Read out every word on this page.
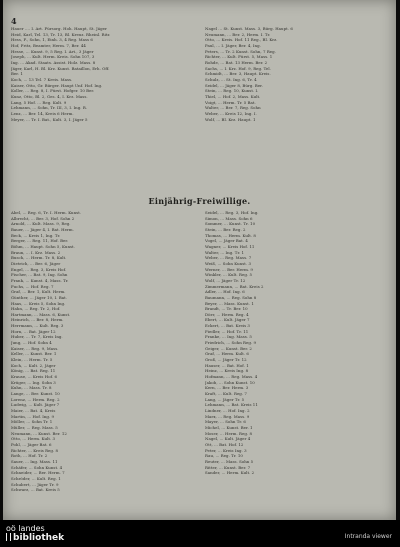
4
Hauer .... I. Art. Fürsorg. Hoh. Haupt, St. Jäger
Heid, Karl, Tel. 13, Tr. 13, Bl. Kreuz. Rheinl. Ritz
Hess, F., Sohn, 1, Einh. 3, 4 Reg. Mass 6
Hof, Fritz, Beamter, Herm. 7, Ber. 44
Hesse, ... Kunst. 9, 5 Reg. I. Art., 3 Jäger
Joseph, ... Kult. Herm. Kreis. Sohn 107, 3
Ing. ... Akad. Staats. Assist. Holz. Mass. 8
Jäger, Karl, H. Bl. Krz. Kunst. Bataillon, Erh. Off.
Ber. 1
Koch, ... 13 Tel. 7 Kreis. Mass.
Kaiser, Otto, Gr. Bürger. Haupt Unf. Hof. Ing.
Koller, ... Reg. 8, I. Fürst. Hofger. 10 Ber.
Kunz, Otto, Bl. 2, Ges. 4, I. Krz. Mass.
Lang, 5 Hof. ... Reg. Kult. 9
Lehmann, ... Sohn, Tr. III, 3, I. Ing. R.
Lenz, ... Ber. 14, Kreis 6 Herm.
Meyer, ... Tr. I. Bat., Kult. 3, I. Jäger 5
Nagel ... St. Kunst. Mass. 3, Bürg. Haupt. 6
Neumann, ... Ber. 2, Herm. I. Tr.
Otto, ... Kreis. Hof. 11 Reg., Bl. Krz.
Paul, ... I. Jäger, Ber. 4, Ing.
Peters, ... Tr. 2 Kunst. Sohn, 7 Reg.
Richter, ... Kult. Fürst. 5, Mass. 1
Rohde, ... Bat. 13 Herm. Ber. 2
Sachs, ... I. Krz. Hof. 9, Reg. Tel.
Schmidt, ... Ber. 3, Haupt. Kreis.
Schulz, ... St. Ing. 6, Tr. 4
Seidel, ... Jäger 8, Bürg. Ber.
Stein, ... Reg. 10, Kunst. I.
Thiel, ... Hof. 2, Mass. Kult.
Voigt, ... Herm. Tr. 5 Bat.
Walter, ... Ber. 7, Reg. Sohn
Weber, ... Kreis 12, Ing. I.
Wolf, ... Bl. Krz. Haupt. 1
Einjährig-Freiwillige.
Abel, ... Reg. 6, Tr. I. Herm. Kunst.
Albrecht, ... Ber. 3, Hof. Sohn 2
Arnold, ... Kult. Mass. 9, Reg.
Bauer, ... Jäger 4, I. Bat. Herm.
Beck, ... Kreis 1, Ing. Tr.
Berger, ... Reg. 11, Hof. Ber.
Böhm, ... Haupt. Sohn 5, Kunst.
Braun, ... I. Krz. Mass. 2
Busch, ... Herm. Tr. 8, Kult.
Dietrich, ... Ber. 6, Jäger
Engel, ... Reg. 3, Kreis Hof.
Fischer, ... Bat. 9, Ing. Sohn
Frank, ... Kunst. 4, Mass. Tr.
Fuchs, ... Hof. Reg. 7
Graf, ... Ber. 1, Kult. Herm.
Günther, ... Jäger 10, I. Bat.
Haas, ... Kreis 5, Sohn Ing.
Hahn, ... Reg. Tr. 2, Hof.
Hartmann, ... Mass. 6, Kunst.
Heinrich, ... Ber. 8, Herm.
Herrmann, ... Kult. Reg. 3
Horn, ... Bat. Jäger 12
Huber, ... Tr. 7, Kreis Ing.
Jung, ... Hof. Sohn 4
Kaiser, ... Reg. 9, Mass.
Keller, ... Kunst. Ber. 1
Klein, ... Herm. Tr. 5
Koch, ... Kult. 2, Jäger
König, ... Bat. Reg. 11
Krause, ... Kreis Hof. 6
Krüger, ... Ing. Sohn 3
Kuhn, ... Mass. Tr. 8
Lange, ... Ber. Kunst. 10
Lorenz, ... Herm. Reg. 2
Ludwig, ... Kult. Jäger 7
Maier, ... Bat. 4, Kreis
Martin, ... Hof. Ing. 9
Möller, ... Sohn Tr. 1
Müller, ... Reg. Mass. 5
Neumann, ... Kunst. Ber. 12
Otto, ... Herm. Kult. 3
Pohl, ... Jäger Bat. 6
Richter, ... Kreis Reg. 8
Roth, ... Hof. Tr. 2
Sauer, ... Ing. Mass. 11
Schäfer, ... Sohn Kunst. 4
Schneider, ... Ber. Herm. 7
Schröder, ... Kult. Reg. 1
Schubert, ... Jäger Tr. 9
Schwarz, ... Bat. Kreis 5
Seidel, ... Reg. 3, Hof. Ing.
Simon, ... Mass. Sohn 6
Sommer, ... Kunst. Tr. 10
Stein, ... Ber. Reg. 2
Thomas, ... Herm. Kult. 8
Vogel, ... Jäger Bat. 4
Wagner, ... Kreis Hof. 11
Walter, ... Ing. Tr. 1
Weber, ... Reg. Mass. 7
Weiß, ... Sohn Kunst. 3
Werner, ... Ber. Herm. 9
Winkler, ... Kult. Reg. 5
Wolf, ... Jäger Tr. 12
Zimmermann, ... Bat. Kreis 2
Adler, ... Hof. Ing. 6
Baumann, ... Reg. Sohn 8
Beyer, ... Mass. Kunst. 1
Brandt, ... Tr. Ber. 10
Dörr, ... Herm. Reg. 4
Ebert, ... Kult. Jäger 7
Eckert, ... Bat. Kreis 3
Fiedler, ... Hof. Tr. 11
Franke, ... Ing. Mass. 5
Friedrich, ... Sohn Reg. 9
Geiger, ... Kunst. Ber. 2
Graf, ... Herm. Kult. 6
Groß, ... Jäger Tr. 12
Hauser, ... Bat. Hof. 1
Heinz, ... Kreis Ing. 8
Hofmann, ... Reg. Mass. 4
Jakob, ... Sohn Kunst. 10
Kern, ... Ber. Herm. 3
Kraft, ... Kult. Reg. 7
Lang, ... Jäger Tr. 5
Lehmann, ... Bat. Kreis 11
Lindner, ... Hof. Ing. 2
Marx, ... Reg. Mass. 9
Mayer, ... Sohn Tr. 6
Michel, ... Kunst. Ber. 1
Moser, ... Herm. Reg. 8
Nagel, ... Kult. Jäger 4
Ott, ... Bat. Hof. 12
Peter, ... Kreis Ing. 3
Rau, ... Reg. Tr. 10
Reuter, ... Mass. Sohn 5
Ritter, ... Kunst. Ber. 7
Sander, ... Herm. Kult. 2
oö landes
bibliothek	Intranda viewer
